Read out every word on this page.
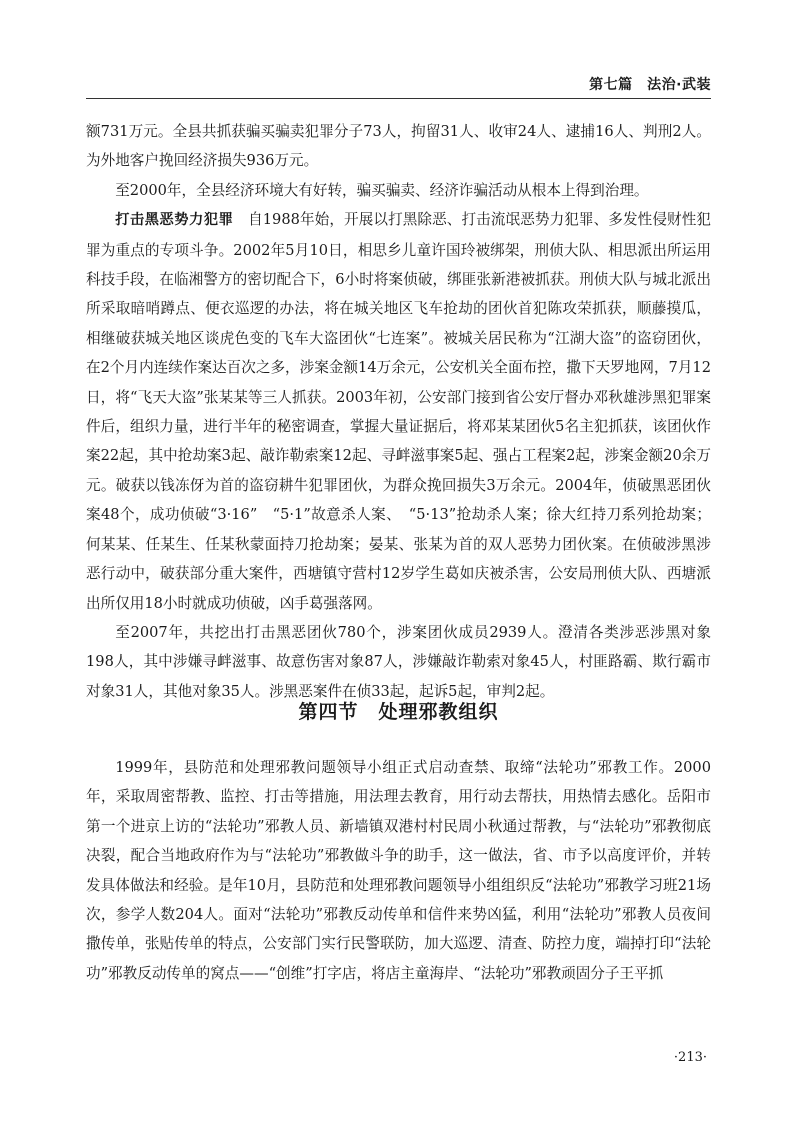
第七篇　法治·武装

额731万元。全县共抓获骗买骗卖犯罪分子73人，拘留31人、收审24人、逮捕16人、判刑2人。为外地客户挽回经济损失936万元。

至2000年，全县经济环境大有好转，骗买骗卖、经济诈骗活动从根本上得到治理。

打击黑恶势力犯罪　自1988年始，开展以打黑除恶、打击流氓恶势力犯罪、多发性侵财性犯罪为重点的专项斗争。2002年5月10日，相思乡儿童许国玲被绑架，刑侦大队、相思派出所运用科技手段，在临湘警方的密切配合下，6小时将案侦破，绑匪张新港被抓获。刑侦大队与城北派出所采取暗哨蹲点、便衣巡逻的办法，将在城关地区飞车抢劫的团伙首犯陈攻荣抓获，顺藤摸瓜，相继破获城关地区谈虎色变的飞车大盗团伙“七连案”。被城关居民称为“江湖大盗”的盗窃团伙，在2个月内连续作案达百次之多，涉案金额14万余元，公安机关全面布控，撒下天罗地网，7月12日，将“飞天大盗”张某某等三人抓获。2003年初，公安部门接到省公安厅督办邓秋雄涉黑犯罪案件后，组织力量，进行半年的秘密调查，掌握大量证据后，将邓某某团伙5名主犯抓获，该团伙作案22起，其中抢劫案3起、敲诈勒索案12起、寻衅滋事案5起、强占工程案2起，涉案金额20余万元。破获以钱冻伢为首的盗窃耕牛犯罪团伙，为群众挽回损失3万余元。2004年，侦破黑恶团伙案48个，成功侦破“3·16”　“5·1”故意杀人案、　“5·13”抢劫杀人案；徐大红持刀系列抢劫案；何某某、任某生、任某秋蒙面持刀抢劫案；晏某、张某为首的双人恶势力团伙案。在侦破涉黑涉恶行动中，破获部分重大案件，西塘镇守营村12岁学生葛如庆被杀害，公安局刑侦大队、西塘派出所仅用18小时就成功侦破，凶手葛强落网。

至2007年，共挖出打击黑恶团伙780个，涉案团伙成员2939人。澄清各类涉恶涉黑对象198人，其中涉嫌寻衅滋事、故意伤害对象87人，涉嫌敲诈勒索对象45人，村匪路霸、欺行霸市对象31人，其他对象35人。涉黑恶案件在侦33起，起诉5起，审判2起。

第四节　处理邪教组织

1999年，县防范和处理邪教问题领导小组正式启动查禁、取缔“法轮功”邪教工作。2000年，采取周密帮教、监控、打击等措施，用法理去教育，用行动去帮扶，用热情去感化。岳阳市第一个进京上访的“法轮功”邪教人员、新墙镇双港村村民周小秋通过帮教，与“法轮功”邪教彻底决裂，配合当地政府作为与“法轮功”邪教做斗争的助手，这一做法，省、市予以高度评价，并转发具体做法和经验。是年10月，县防范和处理邪教问题领导小组组织反“法轮功”邪教学习班21场次，参学人数204人。面对“法轮功”邪教反动传单和信件来势凶猛，利用“法轮功”邪教人员夜间撒传单，张贴传单的特点，公安部门实行民警联防，加大巡逻、清查、防控力度，端掉打印“法轮功”邪教反动传单的窝点——“创维”打字店，将店主童海岸、“法轮功”邪教顽固分子王平抓

·213·
